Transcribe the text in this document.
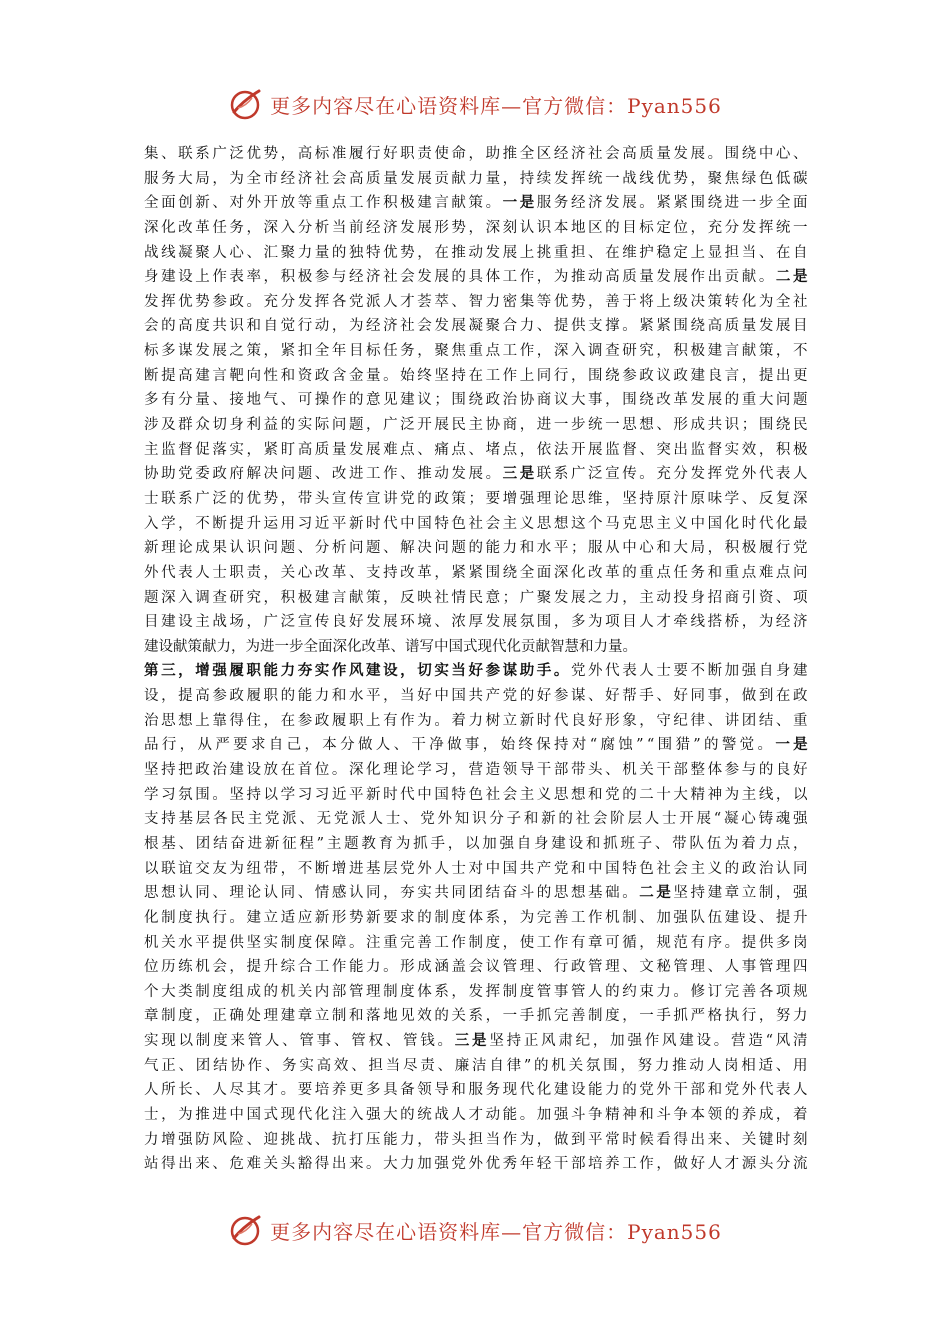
更多内容尽在心语资料库—官方微信：Pyan556
集 、 联 系 广 泛 优 势 ， 高 标 准 履 行 好 职 责 使 命 ， 助 推 全 区 经 济 社 会 高 质 量 发 展 。 围 绕 中 心 、
服 务 大 局 ， 为 全 市 经 济 社 会 高 质 量 发 展 贡 献 力 量 ， 持 续 发 挥 统 一 战 线 优 势 ， 聚 焦 绿 色 低 碳
全 面 创 新 、 对 外 开 放 等 重 点 工 作 积 极 建 言 献 策 。 一 是 服 务 经 济 发 展 。 紧 紧 围 绕 进 一 步 全 面
深 化 改 革 任 务 ， 深 入 分 析 当 前 经 济 发 展 形 势 ， 深 刻 认 识 本 地 区 的 目 标 定 位 ， 充 分 发 挥 统 一
战 线 凝 聚 人 心 、 汇 聚 力 量 的 独 特 优 势 ， 在 推 动 发 展 上 挑 重 担 、 在 维 护 稳 定 上 显 担 当 、 在 自
身 建 设 上 作 表 率 ， 积 极 参 与 经 济 社 会 发 展 的 具 体 工 作 ， 为 推 动 高 质 量 发 展 作 出 贡 献 。 二 是
发 挥 优 势 参 政 。 充 分 发 挥 各 党 派 人 才 荟 萃 、 智 力 密 集 等 优 势 ， 善 于 将 上 级 决 策 转 化 为 全 社
会 的 高 度 共 识 和 自 觉 行 动 ， 为 经 济 社 会 发 展 凝 聚 合 力 、 提 供 支 撑 。 紧 紧 围 绕 高 质 量 发 展 目
标 多 谋 发 展 之 策 ， 紧 扣 全 年 目 标 任 务 ， 聚 焦 重 点 工 作 ， 深 入 调 查 研 究 ， 积 极 建 言 献 策 ， 不
断 提 高 建 言 靶 向 性 和 资 政 含 金 量 。 始 终 坚 持 在 工 作 上 同 行 ， 围 绕 参 政 议 政 建 良 言 ， 提 出 更
多 有 分 量 、 接 地 气 、 可 操 作 的 意 见 建 议 ； 围 绕 政 治 协 商 议 大 事 ， 围 绕 改 革 发 展 的 重 大 问 题
涉 及 群 众 切 身 利 益 的 实 际 问 题 ， 广 泛 开 展 民 主 协 商 ， 进 一 步 统 一 思 想 、 形 成 共 识 ； 围 绕 民
主 监 督 促 落 实 ， 紧 盯 高 质 量 发 展 难 点 、 痛 点 、 堵 点 ， 依 法 开 展 监 督 、 突 出 监 督 实 效 ， 积 极
协 助 党 委 政 府 解 决 问 题 、 改 进 工 作 、 推 动 发 展 。 三 是 联 系 广 泛 宣 传 。 充 分 发 挥 党 外 代 表 人
士 联 系 广 泛 的 优 势 ， 带 头 宣 传 宣 讲 党 的 政 策 ； 要 增 强 理 论 思 维 ， 坚 持 原 汁 原 味 学 、 反 复 深
入 学 ， 不 断 提 升 运 用 习 近 平 新 时 代 中 国 特 色 社 会 主 义 思 想 这 个 马 克 思 主 义 中 国 化 时 代 化 最
新 理 论 成 果 认 识 问 题 、 分 析 问 题 、 解 决 问 题 的 能 力 和 水 平 ； 服 从 中 心 和 大 局 ， 积 极 履 行 党
外 代 表 人 士 职 责 ， 关 心 改 革 、 支 持 改 革 ， 紧 紧 围 绕 全 面 深 化 改 革 的 重 点 任 务 和 重 点 难 点 问
题 深 入 调 查 研 究 ， 积 极 建 言 献 策 ， 反 映 社 情 民 意 ； 广 聚 发 展 之 力 ， 主 动 投 身 招 商 引 资 、 项
目 建 设 主 战 场 ， 广 泛 宣 传 良 好 发 展 环 境 、 浓 厚 发 展 氛 围 ， 多 为 项 目 人 才 牵 线 搭 桥 ， 为 经 济
建 设 献 策 献 力 ， 为 进 一 步 全 面 深 化 改 革 、 谱 写 中 国 式 现 代 化 贡 献 智 慧 和 力 量 。
第 三 ， 增 强 履 职 能 力 夯 实 作 风 建 设 ， 切 实 当 好 参 谋 助 手 。 党 外 代 表 人 士 要 不 断 加 强 自 身 建
设 ， 提 高 参 政 履 职 的 能 力 和 水 平 ， 当 好 中 国 共 产 党 的 好 参 谋 、 好 帮 手 、 好 同 事 ， 做 到 在 政
治 思 想 上 靠 得 住 ， 在 参 政 履 职 上 有 作 为 。 着 力 树 立 新 时 代 良 好 形 象 ， 守 纪 律 、 讲 团 结 、 重
品 行 ， 从 严 要 求 自 己 ， 本 分 做 人 、 干 净 做 事 ， 始 终 保 持 对 “ 腐 蚀 ” “ 围 猎 ” 的 警 觉 。 一 是
坚 持 把 政 治 建 设 放 在 首 位 。 深 化 理 论 学 习 ， 营 造 领 导 干 部 带 头 、 机 关 干 部 整 体 参 与 的 良 好
学 习 氛 围 。 坚 持 以 学 习 习 近 平 新 时 代 中 国 特 色 社 会 主 义 思 想 和 党 的 二 十 大 精 神 为 主 线 ， 以
支 持 基 层 各 民 主 党 派 、 无 党 派 人 士 、 党 外 知 识 分 子 和 新 的 社 会 阶 层 人 士 开 展 “ 凝 心 铸 魂 强
根 基 、 团 结 奋 进 新 征 程 ” 主 题 教 育 为 抓 手 ， 以 加 强 自 身 建 设 和 抓 班 子 、 带 队 伍 为 着 力 点 ，
以 联 谊 交 友 为 纽 带 ， 不 断 增 进 基 层 党 外 人 士 对 中 国 共 产 党 和 中 国 特 色 社 会 主 义 的 政 治 认 同
思 想 认 同 、 理 论 认 同 、 情 感 认 同 ， 夯 实 共 同 团 结 奋 斗 的 思 想 基 础 。 二 是 坚 持 建 章 立 制 ， 强
化 制 度 执 行 。 建 立 适 应 新 形 势 新 要 求 的 制 度 体 系 ， 为 完 善 工 作 机 制 、 加 强 队 伍 建 设 、 提 升
机 关 水 平 提 供 坚 实 制 度 保 障 。 注 重 完 善 工 作 制 度 ， 使 工 作 有 章 可 循 ， 规 范 有 序 。 提 供 多 岗
位 历 练 机 会 ， 提 升 综 合 工 作 能 力 。 形 成 涵 盖 会 议 管 理 、 行 政 管 理 、 文 秘 管 理 、 人 事 管 理 四
个 大 类 制 度 组 成 的 机 关 内 部 管 理 制 度 体 系 ， 发 挥 制 度 管 事 管 人 的 约 束 力 。 修 订 完 善 各 项 规
章 制 度 ， 正 确 处 理 建 章 立 制 和 落 地 见 效 的 关 系 ， 一 手 抓 完 善 制 度 ， 一 手 抓 严 格 执 行 ， 努 力
实 现 以 制 度 来 管 人 、 管 事 、 管 权 、 管 钱 。 三 是 坚 持 正 风 肃 纪 ， 加 强 作 风 建 设 。 营 造 “ 风 清
气 正 、 团 结 协 作 、 务 实 高 效 、 担 当 尽 责 、 廉 洁 自 律 ” 的 机 关 氛 围 ， 努 力 推 动 人 岗 相 适 、 用
人 所 长 、 人 尽 其 才 。 要 培 养 更 多 具 备 领 导 和 服 务 现 代 化 建 设 能 力 的 党 外 干 部 和 党 外 代 表 人
士 ， 为 推 进 中 国 式 现 代 化 注 入 强 大 的 统 战 人 才 动 能 。 加 强 斗 争 精 神 和 斗 争 本 领 的 养 成 ， 着
力 增 强 防 风 险 、 迎 挑 战 、 抗 打 压 能 力 ， 带 头 担 当 作 为 ， 做 到 平 常 时 候 看 得 出 来 、 关 键 时 刻
站 得 出 来 、 危 难 关 头 豁 得 出 来 。 大 力 加 强 党 外 优 秀 年 轻 干 部 培 养 工 作 ， 做 好 人 才 源 头 分 流
更多内容尽在心语资料库—官方微信：Pyan556
